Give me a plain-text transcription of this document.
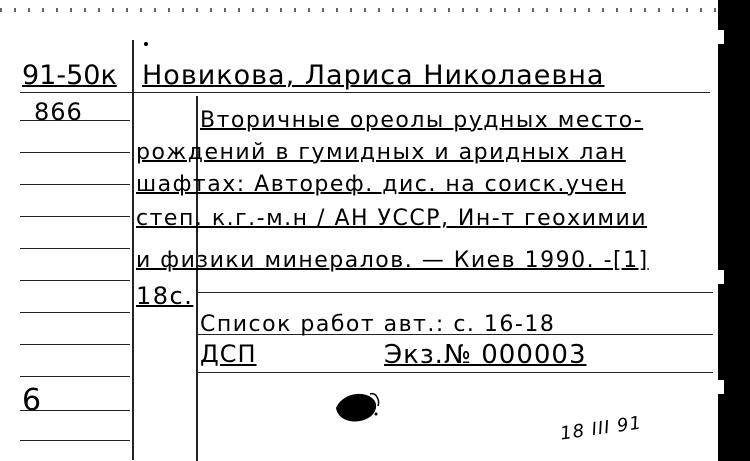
91-50к
866
6
Новикова, Лариса Николаевна
Вторичные ореолы рудных место-
рождений в гумидных и аридных лан
шафтах: Автореф. дис. на соиск.учен
степ. к.г.-м.н / АН УССР, Ин-т геохимии
и физики минералов. — Киев 1990. -[1]
18с.
Список работ авт.: с. 16-18
ДСП	Экз.№ 000003
18 III 91
